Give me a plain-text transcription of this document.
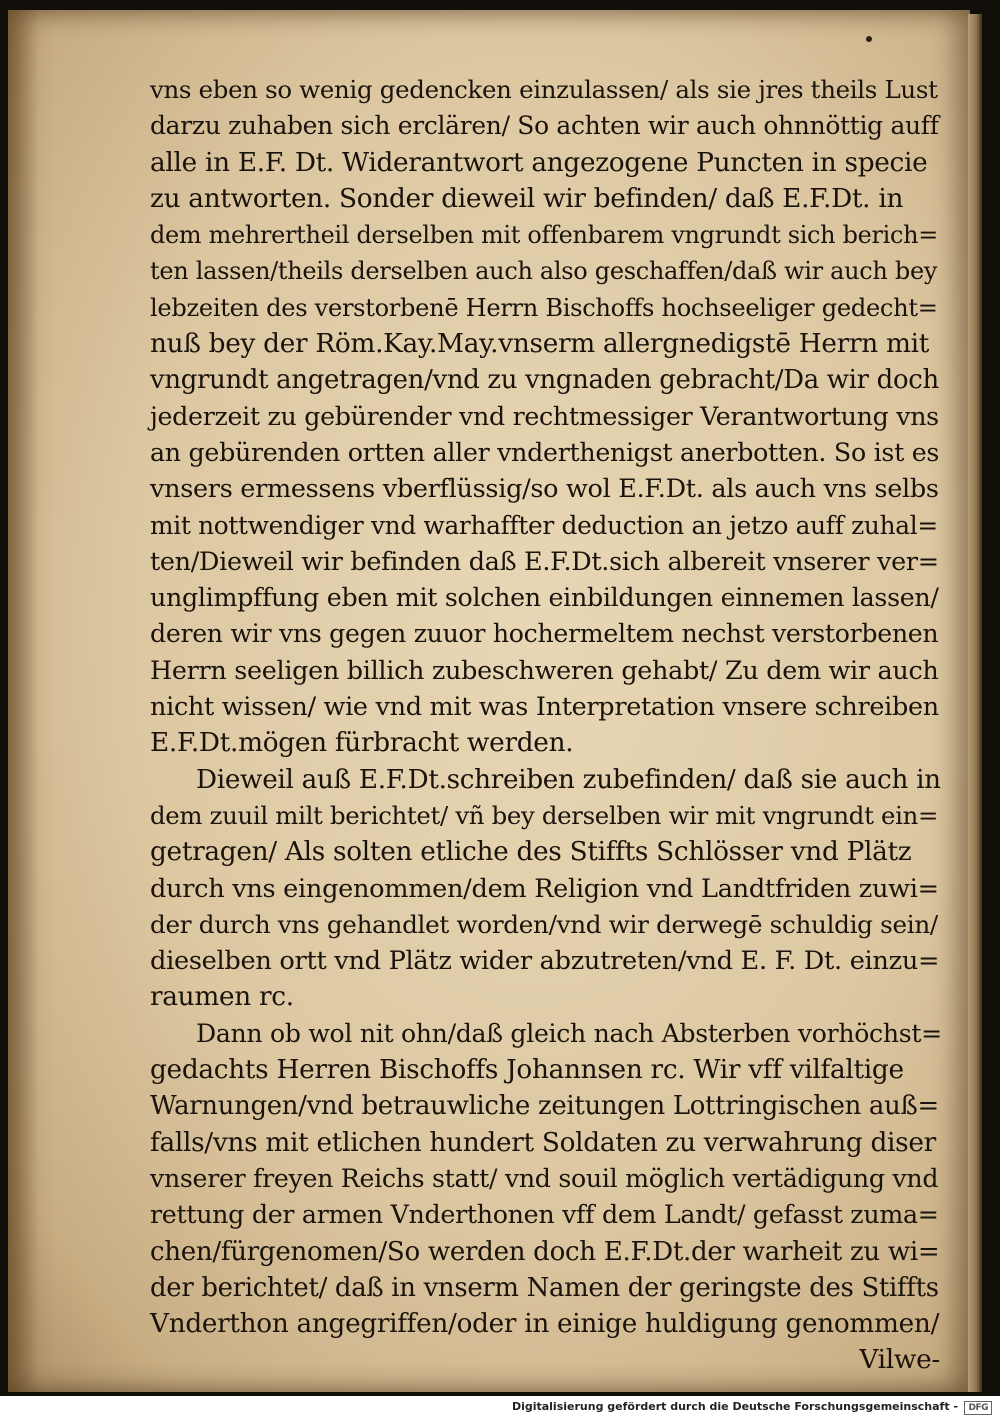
vns eben so wenig gedencken einzulassen/ als sie jres theils Lust
darzu zuhaben sich erclären/ So achten wir auch ohnnöttig auff
alle in E.F. Dt. Widerantwort angezogene Puncten in specie
zu antworten. Sonder dieweil wir befinden/ daß E.F.Dt. in
dem mehrertheil derselben mit offenbarem vngrundt sich berich=
ten lassen/theils derselben auch also geschaffen/daß wir auch bey
lebzeiten des verstorbenē Herrn Bischoffs hochseeliger gedecht=
nuß bey der Röm.Kay.May.vnserm allergnedigstē Herrn mit
vngrundt angetragen/vnd zu vngnaden gebracht/Da wir doch
jederzeit zu gebürender vnd rechtmessiger Verantwortung vns
an gebürenden ortten aller vnderthenigst anerbotten. So ist es
vnsers ermessens vberflüssig/so wol E.F.Dt. als auch vns selbs
mit nottwendiger vnd warhaffter deduction an jetzo auff zuhal=
ten/Dieweil wir befinden daß E.F.Dt.sich albereit vnserer ver=
unglimpffung eben mit solchen einbildungen einnemen lassen/
deren wir vns gegen zuuor hochermeltem nechst verstorbenen
Herrn seeligen billich zubeschweren gehabt/ Zu dem wir auch
nicht wissen/ wie vnd mit was Interpretation vnsere schreiben
E.F.Dt.mögen fürbracht werden.
Dieweil auß E.F.Dt.schreiben zubefinden/ daß sie auch in
dem zuuil milt berichtet/ vñ bey derselben wir mit vngrundt ein=
getragen/ Als solten etliche des Stiffts Schlösser vnd Plätz
durch vns eingenommen/dem Religion vnd Landtfriden zuwi=
der durch vns gehandlet worden/vnd wir derwegē schuldig sein/
dieselben ortt vnd Plätz wider abzutreten/vnd E. F. Dt. einzu=
raumen rc.
Dann ob wol nit ohn/daß gleich nach Absterben vorhöchst=
gedachts Herren Bischoffs Johannsen rc. Wir vff vilfaltige
Warnungen/vnd betrauwliche zeitungen Lottringischen auß=
falls/vns mit etlichen hundert Soldaten zu verwahrung diser
vnserer freyen Reichs statt/ vnd souil möglich vertädigung vnd
rettung der armen Vnderthonen vff dem Landt/ gefasst zuma=
chen/fürgenomen/So werden doch E.F.Dt.der warheit zu wi=
der berichtet/ daß in vnserm Namen der geringste des Stiffts
Vnderthon angegriffen/oder in einige huldigung genommen/
Vilwe-
Digitalisierung gefördert durch die Deutsche Forschungsgemeinschaft -	DFG
